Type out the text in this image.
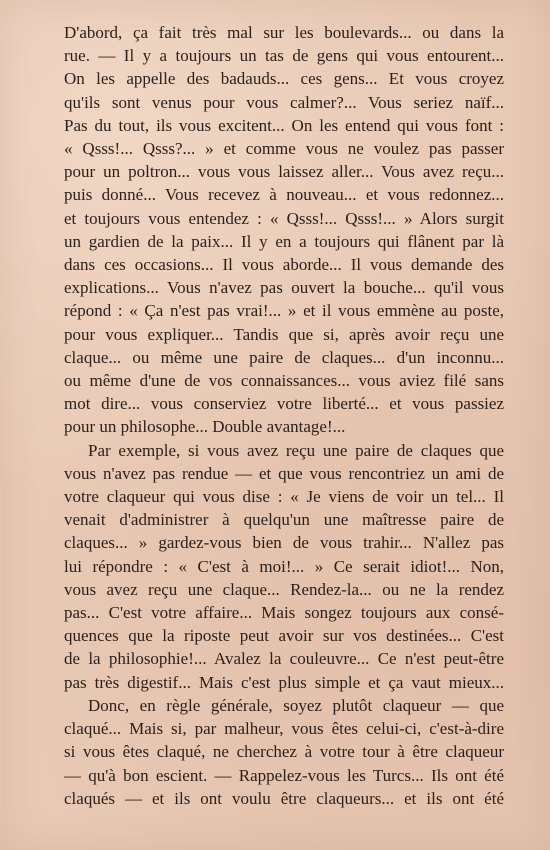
D'abord, ça fait très mal sur les boulevards... ou dans la
rue. — Il y a toujours un tas de gens qui vous entourent...
On les appelle des badauds... ces gens... Et vous croyez
qu'ils sont venus pour vous calmer?... Vous seriez naïf...
Pas du tout, ils vous excitent... On les entend qui vous font :
« Qsss!... Qsss?... » et comme vous ne voulez pas passer
pour un poltron... vous vous laissez aller... Vous avez reçu...
puis donné... Vous recevez à nouveau... et vous redonnez...
et toujours vous entendez : « Qsss!... Qsss!... » Alors surgit
un gardien de la paix... Il y en a toujours qui flânent par là
dans ces occasions... Il vous aborde... Il vous demande des
explications... Vous n'avez pas ouvert la bouche... qu'il vous
répond : « Ça n'est pas vrai!... » et il vous emmène au poste,
pour vous expliquer... Tandis que si, après avoir reçu une
claque... ou même une paire de claques... d'un inconnu...
ou même d'une de vos connaissances... vous aviez filé sans
mot dire... vous conserviez votre liberté... et vous passiez
pour un philosophe... Double avantage!...
Par exemple, si vous avez reçu une paire de claques que
vous n'avez pas rendue — et que vous rencontriez un ami de
votre claqueur qui vous dise : « Je viens de voir un tel... Il
venait d'administrer à quelqu'un une maîtresse paire de
claques... » gardez-vous bien de vous trahir... N'allez pas
lui répondre : « C'est à moi!... » Ce serait idiot!... Non,
vous avez reçu une claque... Rendez-la... ou ne la rendez
pas... C'est votre affaire... Mais songez toujours aux consé-
quences que la riposte peut avoir sur vos destinées... C'est
de la philosophie!... Avalez la couleuvre... Ce n'est peut-être
pas très digestif... Mais c'est plus simple et ça vaut mieux...
Donc, en règle générale, soyez plutôt claqueur — que
claqué... Mais si, par malheur, vous êtes celui-ci, c'est-à-dire
si vous êtes claqué, ne cherchez à votre tour à être claqueur
— qu'à bon escient. — Rappelez-vous les Turcs... Ils ont été
claqués — et ils ont voulu être claqueurs... et ils ont été
